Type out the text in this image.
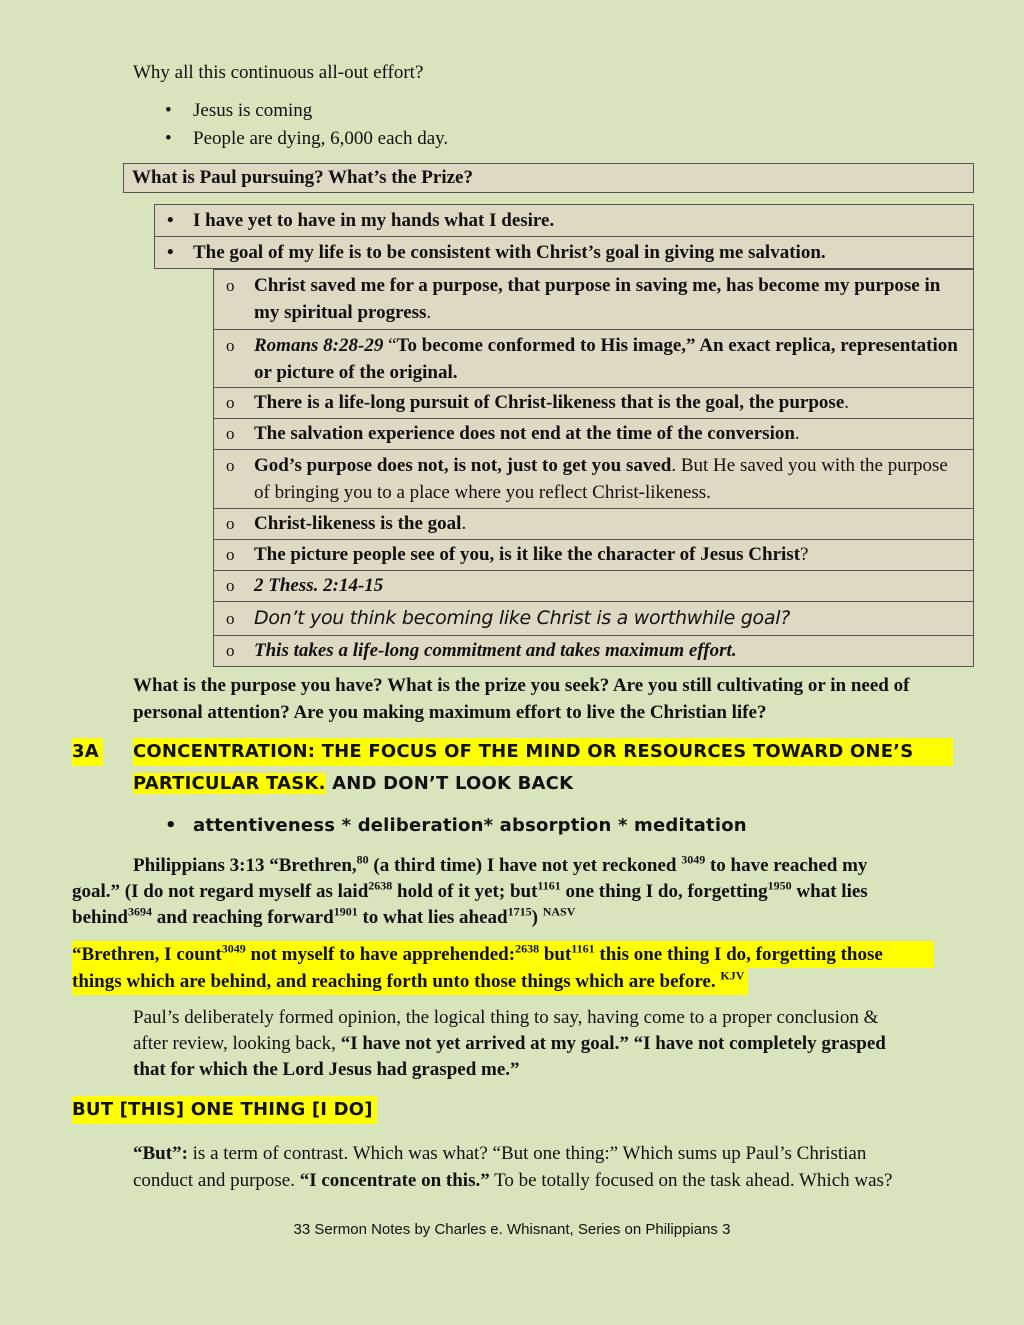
Why all this continuous all-out effort?
• Jesus is coming
• People are dying, 6,000 each day.
What is Paul pursuing? What’s the Prize?
• I have yet to have in my hands what I desire.

• The goal of my life is to be consistent with Christ’s goal in giving me salvation.
o Christ saved me for a purpose, that purpose in saving me, has become my purpose in my spiritual progress.

o Romans 8:28-29 “To become conformed to His image,” An exact replica, representation or picture of the original.

o There is a life-long pursuit of Christ-likeness that is the goal, the purpose.

o The salvation experience does not end at the time of the conversion.

o God’s purpose does not, is not, just to get you saved. But He saved you with the purpose of bringing you to a place where you reflect Christ-likeness.

o Christ-likeness is the goal.

o The picture people see of you, is it like the character of Jesus Christ?

o 2 Thess. 2:14-15

o Don’t you think becoming like Christ is a worthwhile goal?

o This takes a life-long commitment and takes maximum effort.
What is the purpose you have? What is the prize you seek? Are you still cultivating or in need of personal attention? Are you making maximum effort to live the Christian life?
3A CONCENTRATION: THE FOCUS OF THE MIND OR RESOURCES TOWARD ONE’S
PARTICULAR TASK. AND DON’T LOOK BACK
• attentiveness * deliberation* absorption * meditation
Philippians 3:13 “Brethren,$^{80}$ (a third time) I have not yet reckoned $^{3049}$ to have reached my
goal.” (I do not regard myself as laid$^{2638}$ hold of it yet; but$^{1161}$ one thing I do, forgetting$^{1950}$ what lies
behind$^{3694}$ and reaching forward$^{1901}$ to what lies ahead$^{1715}$) $^{NASV}$
“Brethren, I count$^{3049}$ not myself to have apprehended:$^{2638}$ but$^{1161}$ this one thing I do, forgetting those
things which are behind, and reaching forth unto those things which are before. $^{KJV}$
Paul’s deliberately formed opinion, the logical thing to say, having come to a proper conclusion &
after review, looking back, “I have not yet arrived at my goal.” “I have not completely grasped
that for which the Lord Jesus had grasped me.”
BUT [THIS] ONE THING [I DO]
“But”: is a term of contrast. Which was what? “But one thing:” Which sums up Paul’s Christian
conduct and purpose. “I concentrate on this.” To be totally focused on the task ahead. Which was?
33 Sermon Notes by Charles e. Whisnant, Series on Philippians 3
